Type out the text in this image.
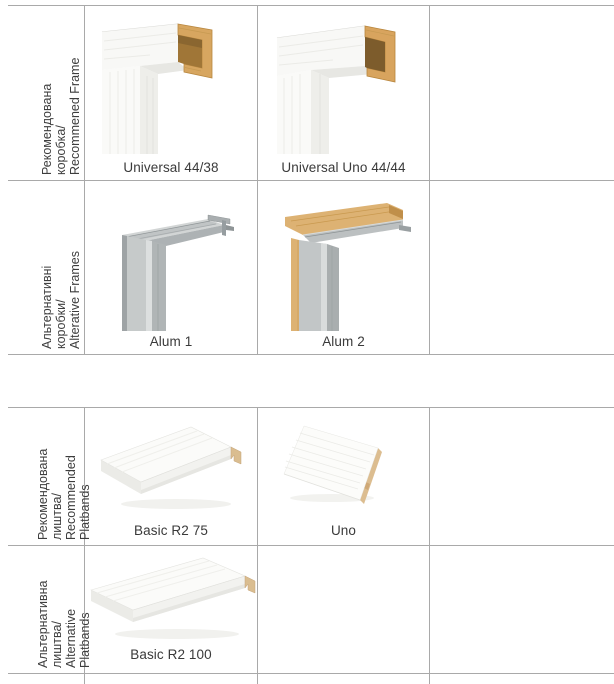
Рекомендована коробка/ Recommened Frame	Universal 44/38	Universal Uno 44/44
Альтернативні коробки/ Alterative Frames	Alum 1	Alum 2
Рекомендована лиштва/ Recommended Platbands	Basic R2 75	Uno
Альтернативна лиштва/ Alternative Platbands	Basic R2 100
